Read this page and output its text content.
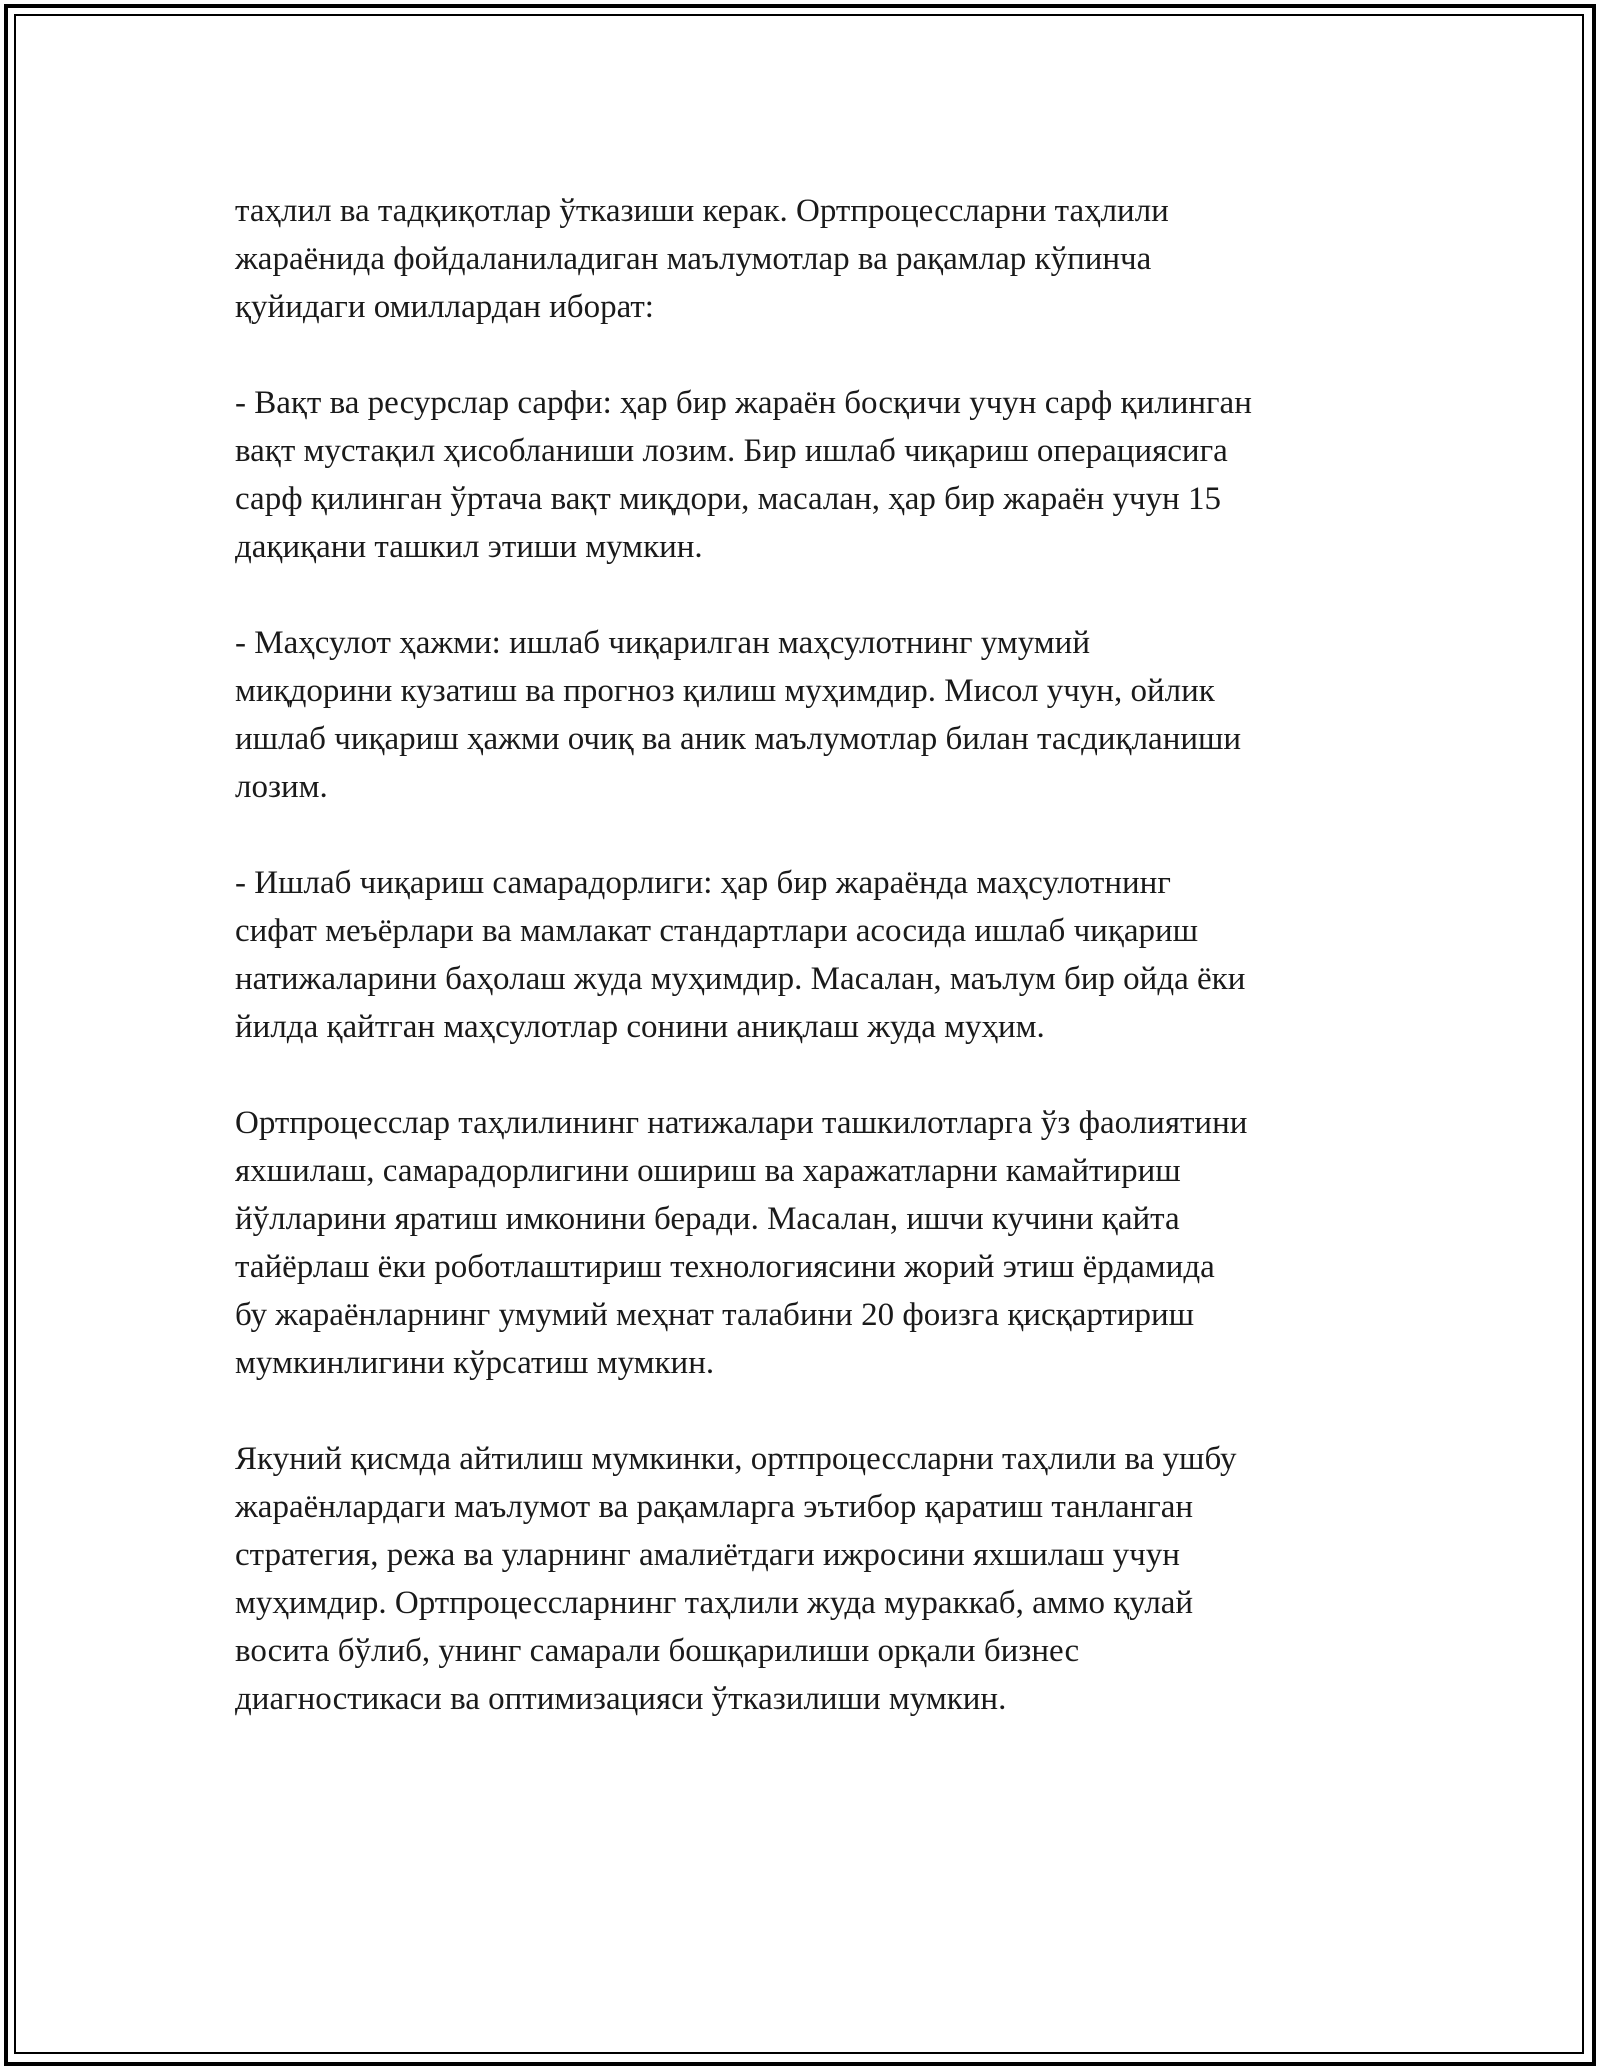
таҳлил ва тадқиқотлар ўтказиши керак. Ортпроцессларни таҳлили
жараёнида фойдаланиладиган маълумотлар ва рақамлар кўпинча
қуйидаги омиллардан иборат:

- Вақт ва ресурслар сарфи: ҳар бир жараён босқичи учун сарф қилинган
вақт мустақил ҳисобланиши лозим. Бир ишлаб чиқариш операциясига
сарф қилинган ўртача вақт миқдори, масалан, ҳар бир жараён учун 15
дақиқани ташкил этиши мумкин.

- Маҳсулот ҳажми: ишлаб чиқарилган маҳсулотнинг умумий
миқдорини кузатиш ва прогноз қилиш муҳимдир. Мисол учун, ойлик
ишлаб чиқариш ҳажми очиқ ва аник маълумотлар билан тасдиқланиши
лозим.

- Ишлаб чиқариш самарадорлиги: ҳар бир жараёнда маҳсулотнинг
сифат меъёрлари ва мамлакат стандартлари асосида ишлаб чиқариш
натижаларини баҳолаш жуда муҳимдир. Масалан, маълум бир ойда ёки
йилда қайтган маҳсулотлар сонини аниқлаш жуда муҳим.

Ортпроцесслар таҳлилининг натижалари ташкилотларга ўз фаолиятини
яхшилаш, самарадорлигини ошириш ва харажатларни камайтириш
йўлларини яратиш имконини беради. Масалан, ишчи кучини қайта
тайёрлаш ёки роботлаштириш технологиясини жорий этиш ёрдамида
бу жараёнларнинг умумий меҳнат талабини 20 фоизга қисқартириш
мумкинлигини кўрсатиш мумкин.

Якуний қисмда айтилиш мумкинки, ортпроцессларни таҳлили ва ушбу
жараёнлардаги маълумот ва рақамларга эътибор қаратиш танланган
стратегия, режа ва уларнинг амалиётдаги ижросини яхшилаш учун
муҳимдир. Ортпроцессларнинг таҳлили жуда мураккаб, аммо қулай
восита бўлиб, унинг самарали бошқарилиши орқали бизнес
диагностикаси ва оптимизацияси ўтказилиши мумкин.
